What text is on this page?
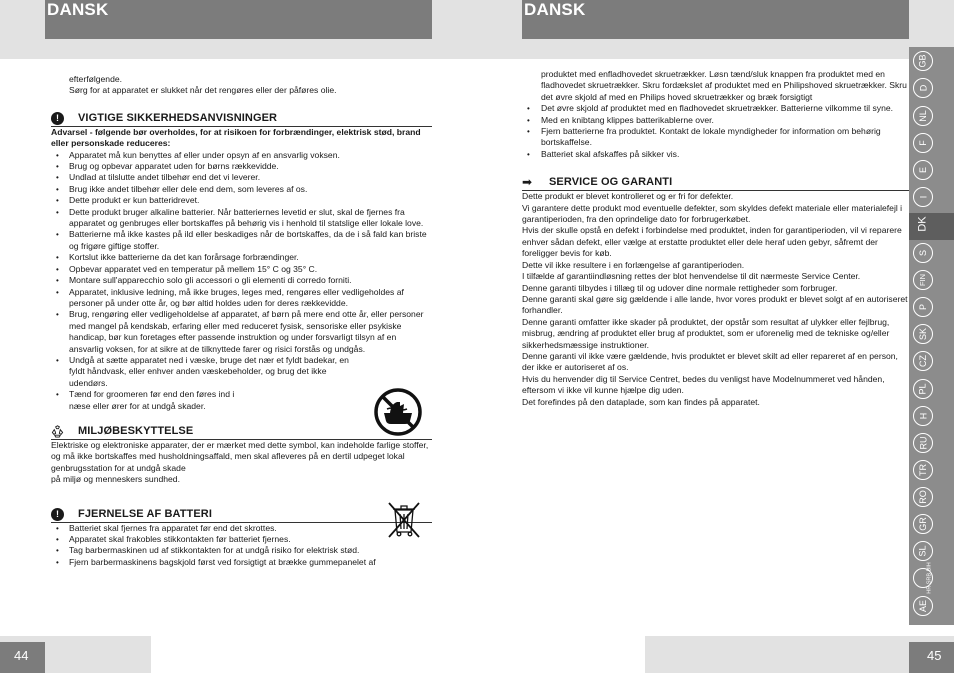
DANSK	DANSK

efterfølgende.

Sørg for at apparatet er slukket når det rengøres eller der påføres olie.

!	VIGTIGE SIKKERHEDSANVISNINGER

Advarsel - følgende bør overholdes, for at risikoen for forbrændinger, elektrisk stød, brand eller personskade reduceres:

• Apparatet må kun benyttes af eller under opsyn af en ansvarlig voksen.
• Brug og opbevar apparatet uden for børns rækkevidde.
• Undlad at tilslutte andet tilbehør end det vi leverer.
• Brug ikke andet tilbehør eller dele end dem, som leveres af os.
• Dette produkt er kun batteridrevet.
• Dette produkt bruger alkaline batterier. Når batteriernes levetid er slut, skal de fjernes fra apparatet og genbruges eller bortskaffes på behørig vis i henhold til statslige eller lokale love.
• Batterierne må ikke kastes på ild eller beskadiges når de bortskaffes, da de i så fald kan briste og frigøre giftige stoffer.
• Kortslut ikke batterierne da det kan forårsage forbrændinger.
• Opbevar apparatet ved en temperatur på mellem 15° C og 35° C.
• Montare sull'apparecchio solo gli accessori o gli elementi di corredo forniti.
• Apparatet, inklusive ledning, må ikke bruges, leges med, rengøres eller vedligeholdes af personer på under otte år, og bør altid holdes uden for deres rækkevidde.
• Brug, rengøring eller vedligeholdelse af apparatet, af børn på mere end otte år, eller personer med mangel på kendskab, erfaring eller med reduceret fysisk, sensoriske eller psykiske handicap, bør kun foretages efter passende instruktion og under forsvarligt tilsyn af en ansvarlig voksen, for at sikre at de tilknyttede farer og risici forstås og undgås.
• Undgå at sætte apparatet ned i væske, bruge det nær et fyldt badekar, en fyldt håndvask, eller enhver anden væskebeholder, og brug det ikke udendørs.
• Tænd for groomeren før end den føres ind i næse eller ører for at undgå skader.
MILJØBESKYTTELSE

Elektriske og elektroniske apparater, der er mærket med dette symbol, kan indeholde farlige stoffer, og må ikke bortskaffes med husholdningsaffald, men skal afleveres på en dertil udpeget lokal genbrugsstation for at undgå skade

på miljø og menneskers sundhed.

!	FJERNELSE AF BATTERI
• Batteriet skal fjernes fra apparatet før end det skrottes.
• Apparatet skal frakobles stikkontakten før batteriet fjernes.
• Tag barbermaskinen ud af stikkontakten for at undgå risiko for elektrisk stød.
• Fjern barbermaskinens bagskjold først ved forsigtigt at brække gummepanelet af

produktet med enfladhovedet skruetrækker. Løsn tænd/sluk knappen fra produktet med en fladhovedet skruetrækker. Skru fordækslet af produktet med en Philipshoved skruetrækker. Skru det øvre skjold af med en Philips hoved skruetrækker og bræk forsigtigt

• Det øvre skjold af produktet med en fladhovedet skruetrækker. Batterierne vilkomme til syne.
• Med en knibtang klippes batterikablerne over.
• Fjern batterierne fra produktet. Kontakt de lokale myndigheder for information om behørig bortskaffelse.
• Batteriet skal afskaffes på sikker vis.
➡ SERVICE OG GARANTI

Dette produkt er blevet kontrolleret og er fri for defekter.

Vi garantere dette produkt mod eventuelle defekter, som skyldes defekt materiale eller materialefejl i garantiperioden, fra den oprindelige dato for forbrugerkøbet.

Hvis der skulle opstå en defekt i forbindelse med produktet, inden for garantiperioden, vil vi reparere enhver sådan defekt, eller vælge at erstatte produktet eller dele heraf uden gebyr, såfremt der foreligger bevis for køb.

Dette vil ikke resultere i en forlængelse af garantiperioden.

I tilfælde af garantiindløsning rettes der blot henvendelse til dit nærmeste Service Center.

Denne garanti tilbydes i tillæg til og udover dine normale rettigheder som forbruger.

Denne garanti skal gøre sig gældende i alle lande, hvor vores produkt er blevet solgt af en autoriseret forhandler.

Denne garanti omfatter ikke skader på produktet, der opstår som resultat af ulykker eller fejlbrug, misbrug, ændring af produktet eller brug af produktet, som er uforenelig med de tekniske og/eller sikkerhedsmæssige instruktioner.

Denne garanti vil ikke være gældende, hvis produktet er blevet skilt ad eller repareret af en person, der ikke er autoriseret af os.

Hvis du henvender dig til Service Centret, bedes du venligst have Modelnummeret ved hånden, eftersom vi ikke vil kunne hjælpe dig uden.

Det forefindes på den dataplade, som kan findes på apparatet.

GB
D
NL
F
E
I
DK
S
FIN
P
SK
CZ
PL
H
RU
TR
RO
GR
SL
HR SRB BIH
AE
44	45
